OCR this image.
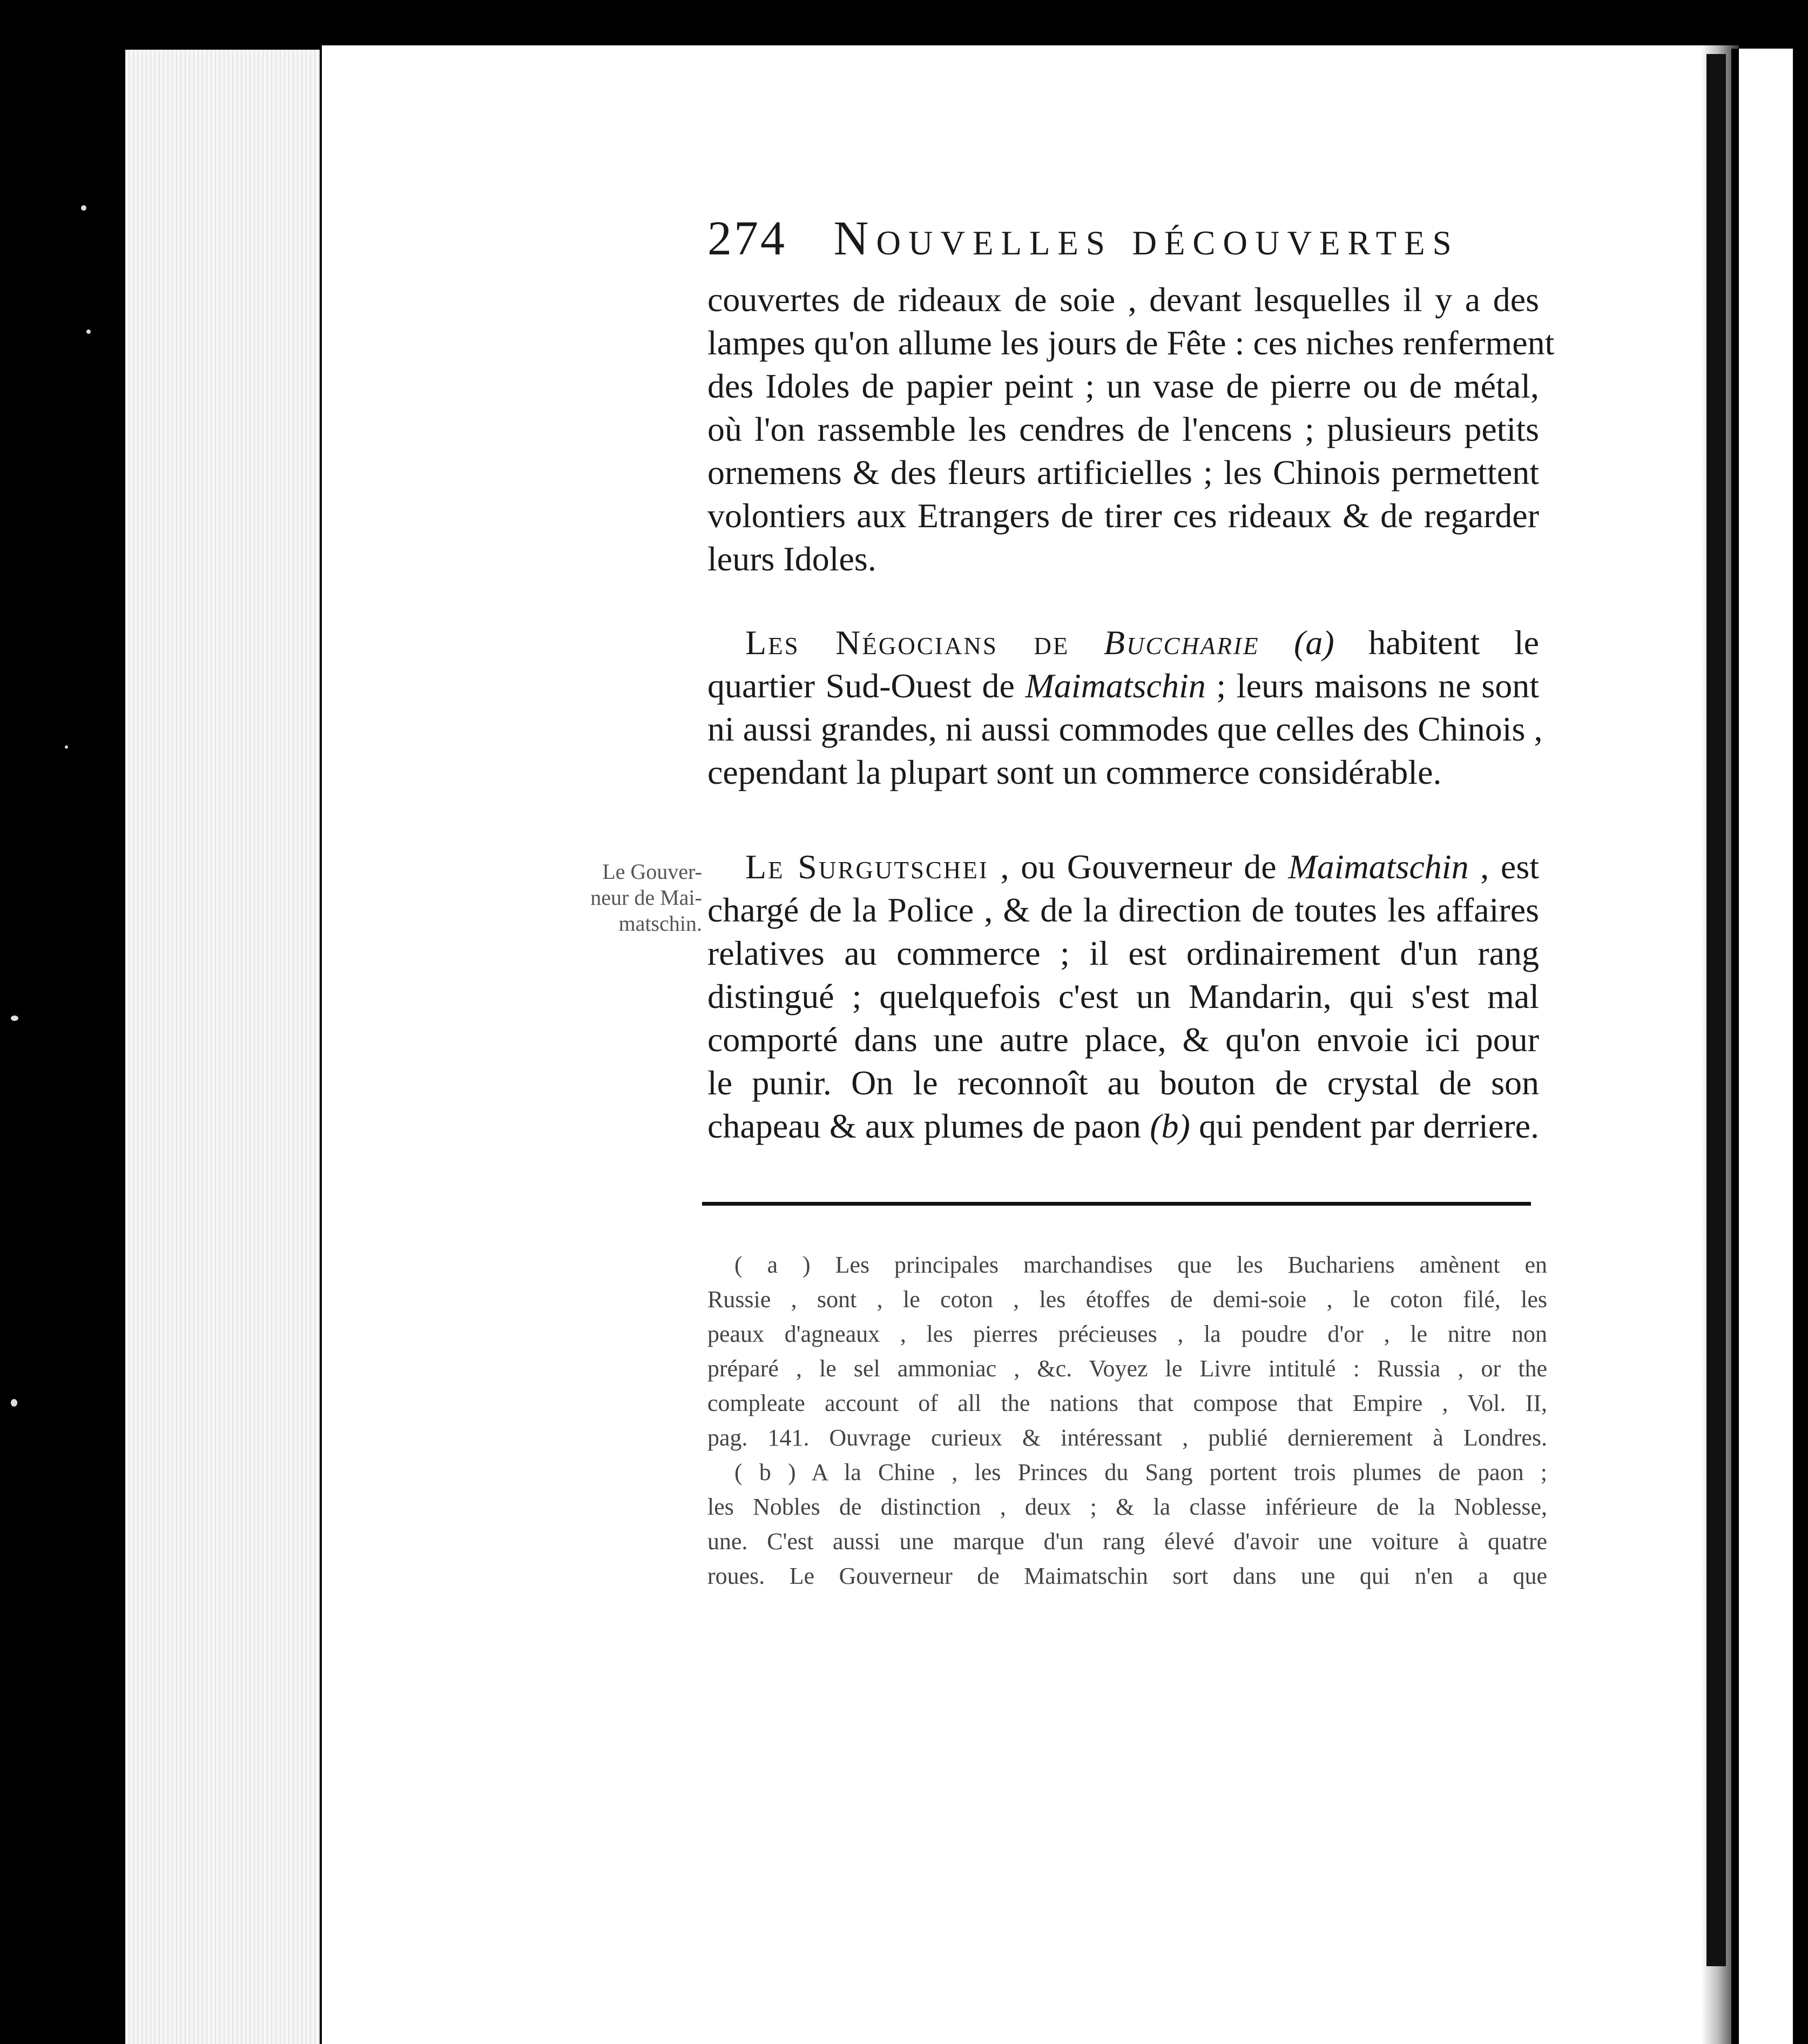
274 Nouvelles découvertes
couvertes de rideaux de soie , devant lesquelles il y a des
lampes qu'on allume les jours de Fête : ces niches renferment
des Idoles de papier peint ; un vase de pierre ou de métal,
où l'on rassemble les cendres de l'encens ; plusieurs petits
ornemens & des fleurs artificielles ; les Chinois permettent
volontiers aux Etrangers de tirer ces rideaux & de regarder
leurs Idoles.
Les Négocians de Buccharie (a) habitent le
quartier Sud-Ouest de Maimatschin ; leurs maisons ne sont
ni aussi grandes, ni aussi commodes que celles des Chinois ,
cependant la plupart sont un commerce considérable.
Le Gouver-
neur de Mai-
matschin.
Le Surgutschei , ou Gouverneur de Maimatschin , est
chargé de la Police , & de la direction de toutes les affaires
relatives au commerce ; il est ordinairement d'un rang
distingué ; quelquefois c'est un Mandarin, qui s'est mal
comporté dans une autre place, & qu'on envoie ici pour
le punir. On le reconnoît au bouton de crystal de son
chapeau & aux plumes de paon (b) qui pendent par derriere.
( a ) Les principales marchandises que les Buchariens amènent en
Russie , sont , le coton , les étoffes de demi-soie , le coton filé, les
peaux d'agneaux , les pierres précieuses , la poudre d'or , le nitre non
préparé , le sel ammoniac , &c. Voyez le Livre intitulé : Russia , or the
compleate account of all the nations that compose that Empire , Vol. II,
pag. 141. Ouvrage curieux & intéressant , publié dernierement à Londres.
( b ) A la Chine , les Princes du Sang portent trois plumes de paon ;
les Nobles de distinction , deux ; & la classe inférieure de la Noblesse,
une. C'est aussi une marque d'un rang élevé d'avoir une voiture à quatre
roues. Le Gouverneur de Maimatschin sort dans une qui n'en a que
